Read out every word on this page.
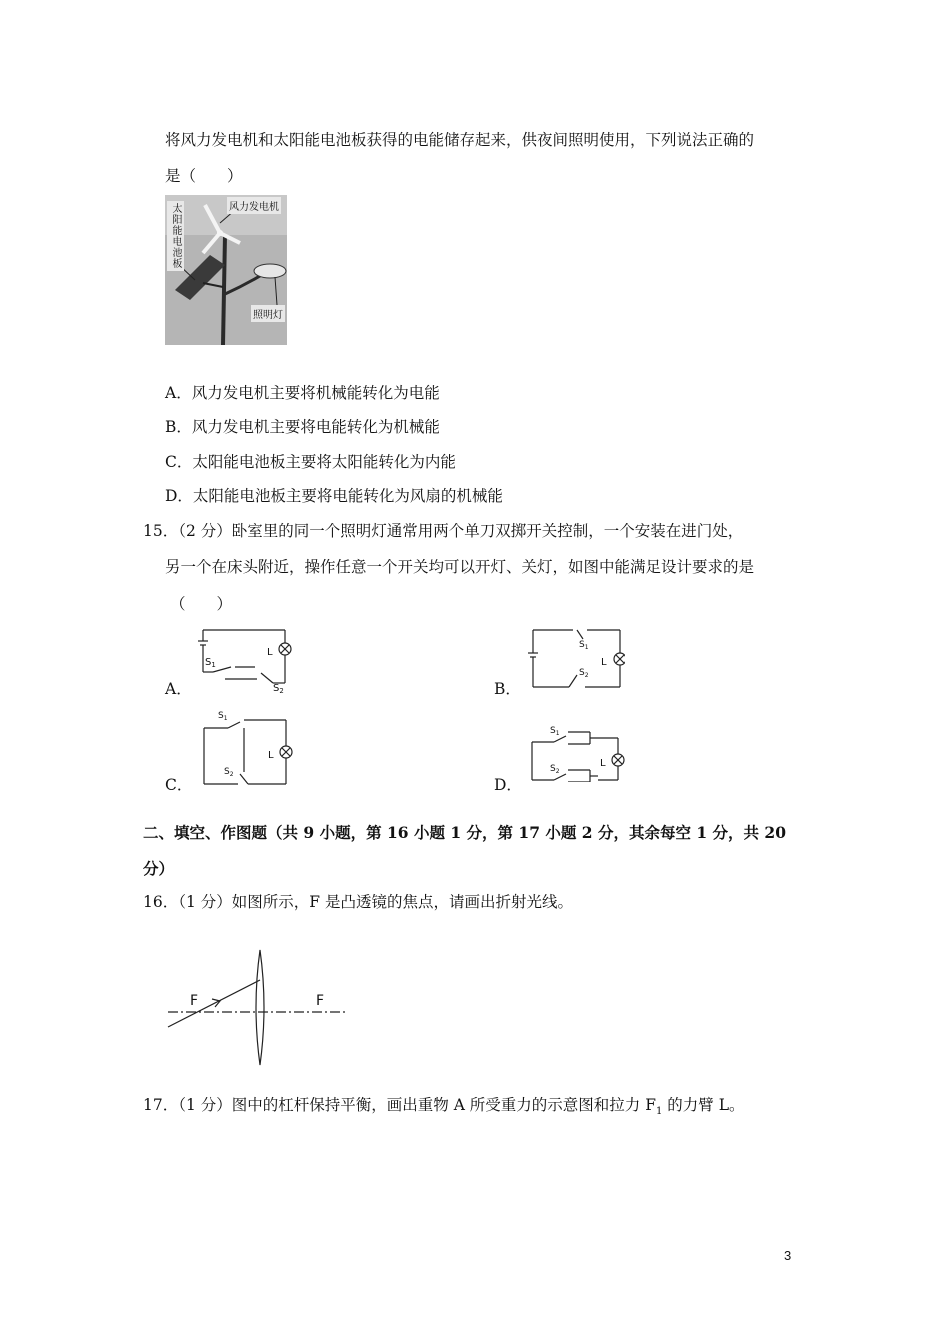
将风力发电机和太阳能电池板获得的电能储存起来，供夜间照明使用，下列说法正确的
是（　　）
风力发电机
太阳能电池板
照明灯
A．风力发电机主要将机械能转化为电能
B．风力发电机主要将电能转化为机械能
C．太阳能电池板主要将太阳能转化为内能
D．太阳能电池板主要将电能转化为风扇的机械能
15．（2 分）卧室里的同一个照明灯通常用两个单刀双掷开关控制，一个安装在进门处，
另一个在床头附近，操作任意一个开关均可以开灯、关灯，如图中能满足设计要求的是
（　　）
A．
$S_1$
L
$S_2$	B．
$S_1$
$S_2$
L
C．
$S_1$
$S_2$
L
D．
$S_1$
$S_2$
L
二、填空、作图题（共 9 小题，第 16 小题 1 分，第 17 小题 2 分，其余每空 1 分，共 20
分）
16．（1 分）如图所示，F 是凸透镜的焦点，请画出折射光线。
F	F
17．（1 分）图中的杠杆保持平衡，画出重物 A 所受重力的示意图和拉力 $F_1$ 的力臂 L。
3
